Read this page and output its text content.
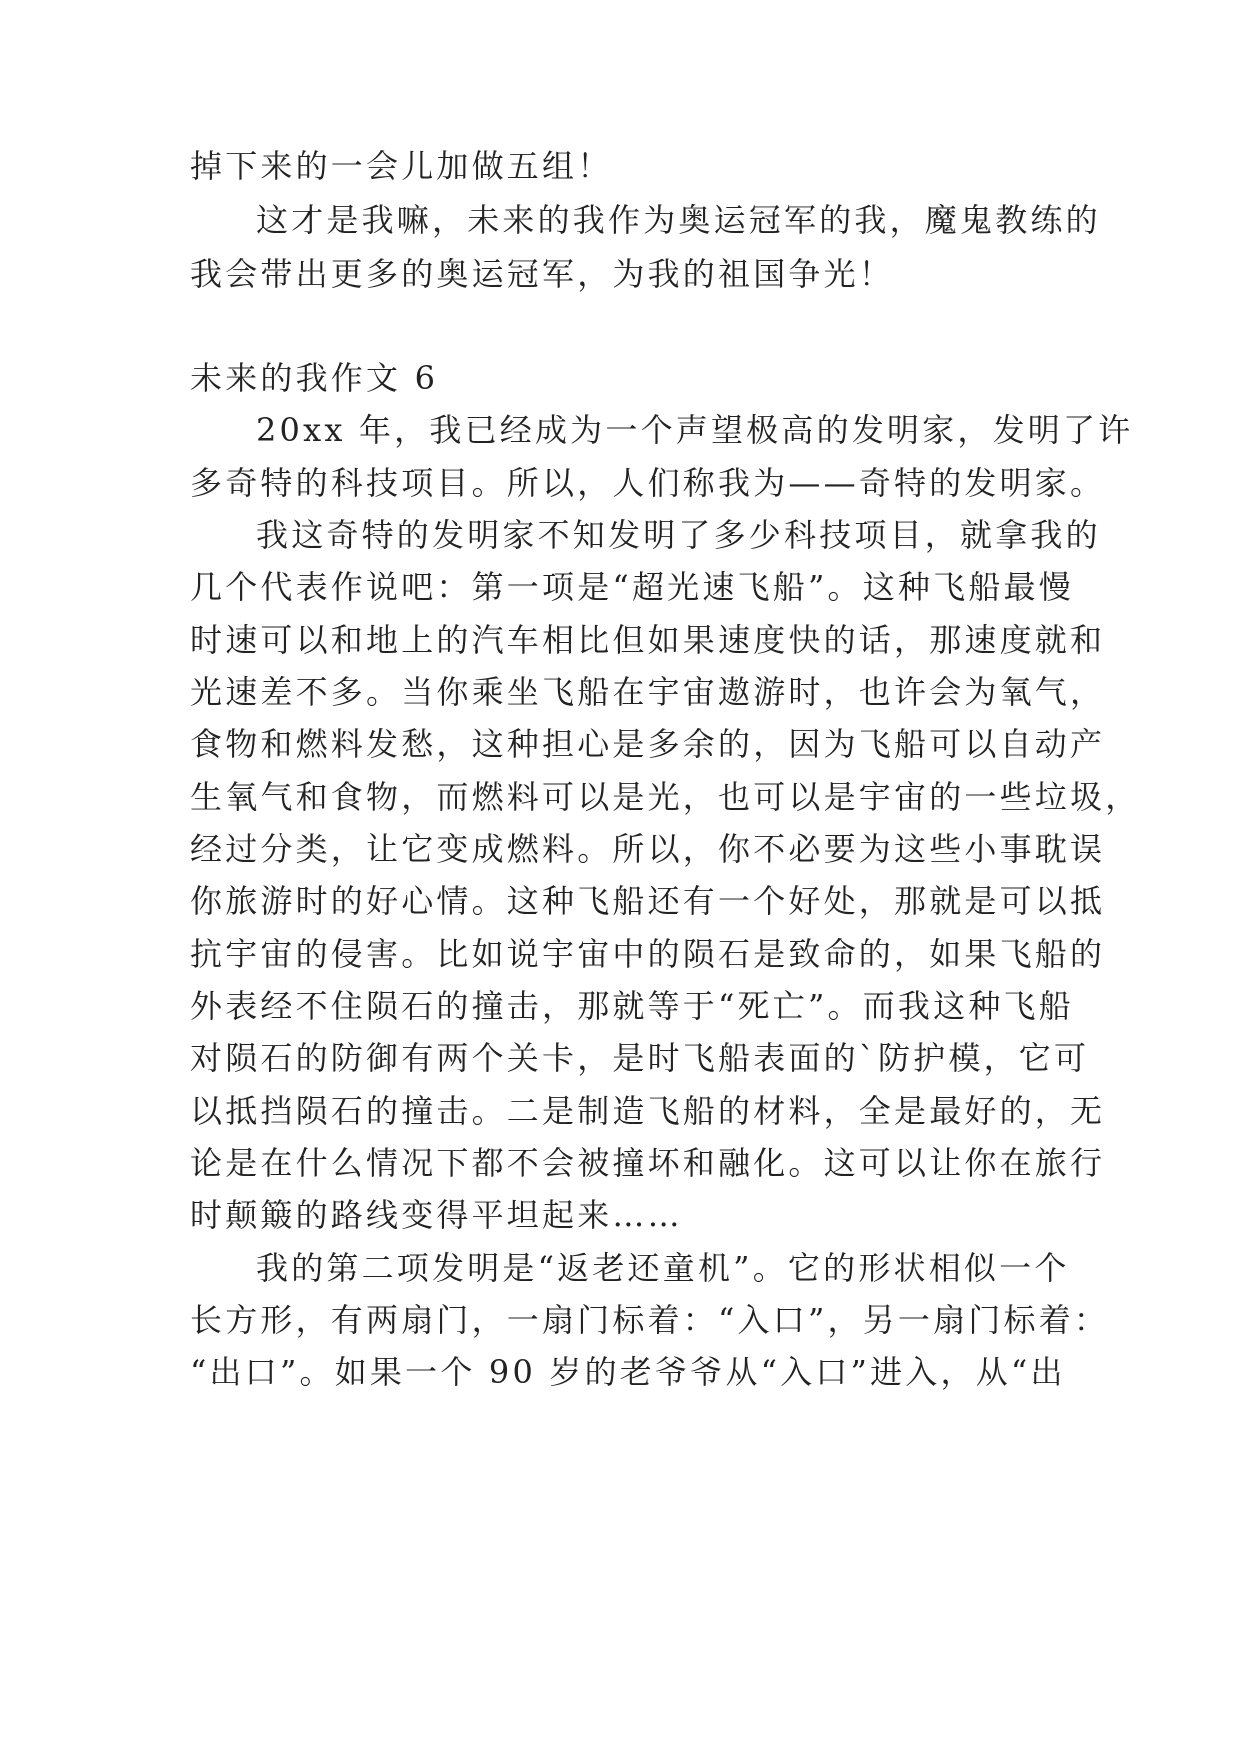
掉下来的一会儿加做五组！
这才是我嘛，未来的我作为奥运冠军的我，魔鬼教练的
我会带出更多的奥运冠军，为我的祖国争光！
未来的我作文 6
20xx 年，我已经成为一个声望极高的发明家，发明了许
多奇特的科技项目。所以，人们称我为——奇特的发明家。
我这奇特的发明家不知发明了多少科技项目，就拿我的
几个代表作说吧：第一项是“超光速飞船”。这种飞船最慢
时速可以和地上的汽车相比但如果速度快的话，那速度就和
光速差不多。当你乘坐飞船在宇宙遨游时，也许会为氧气，
食物和燃料发愁，这种担心是多余的，因为飞船可以自动产
生氧气和食物，而燃料可以是光，也可以是宇宙的一些垃圾，
经过分类，让它变成燃料。所以，你不必要为这些小事耽误
你旅游时的好心情。这种飞船还有一个好处，那就是可以抵
抗宇宙的侵害。比如说宇宙中的陨石是致命的，如果飞船的
外表经不住陨石的撞击，那就等于“死亡”。而我这种飞船
对陨石的防御有两个关卡，是时飞船表面的`防护模，它可
以抵挡陨石的撞击。二是制造飞船的材料，全是最好的，无
论是在什么情况下都不会被撞坏和融化。这可以让你在旅行
时颠簸的路线变得平坦起来……
我的第二项发明是“返老还童机”。它的形状相似一个
长方形，有两扇门，一扇门标着：“入口”，另一扇门标着：
“出口”。如果一个 90 岁的老爷爷从“入口”进入，从“出
